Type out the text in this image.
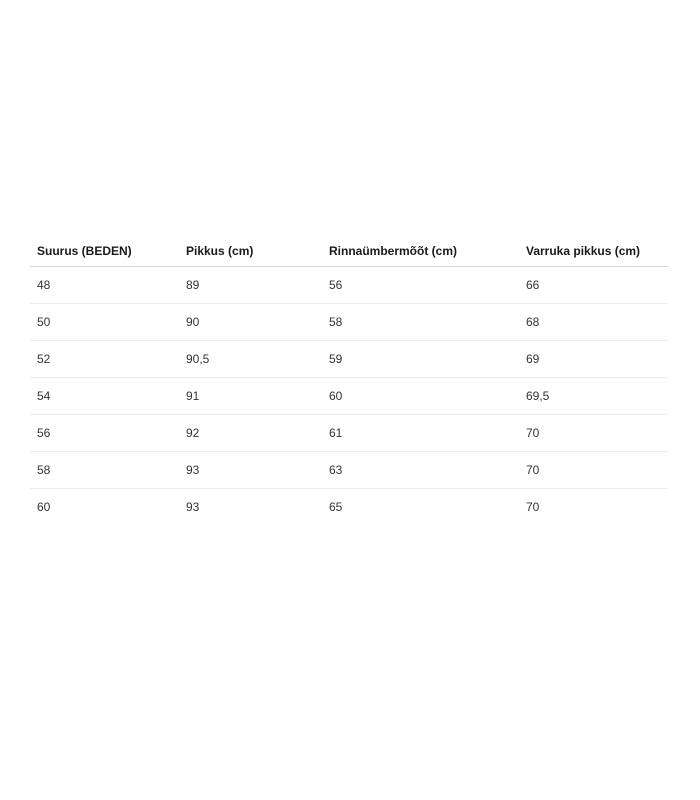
Suurus (BEDEN)	Pikkus (cm)	Rinnaümbermõõt (cm)	Varruka pikkus (cm)
48	89	56	66
50	90	58	68
52	90,5	59	69
54	91	60	69,5
56	92	61	70
58	93	63	70
60	93	65	70
